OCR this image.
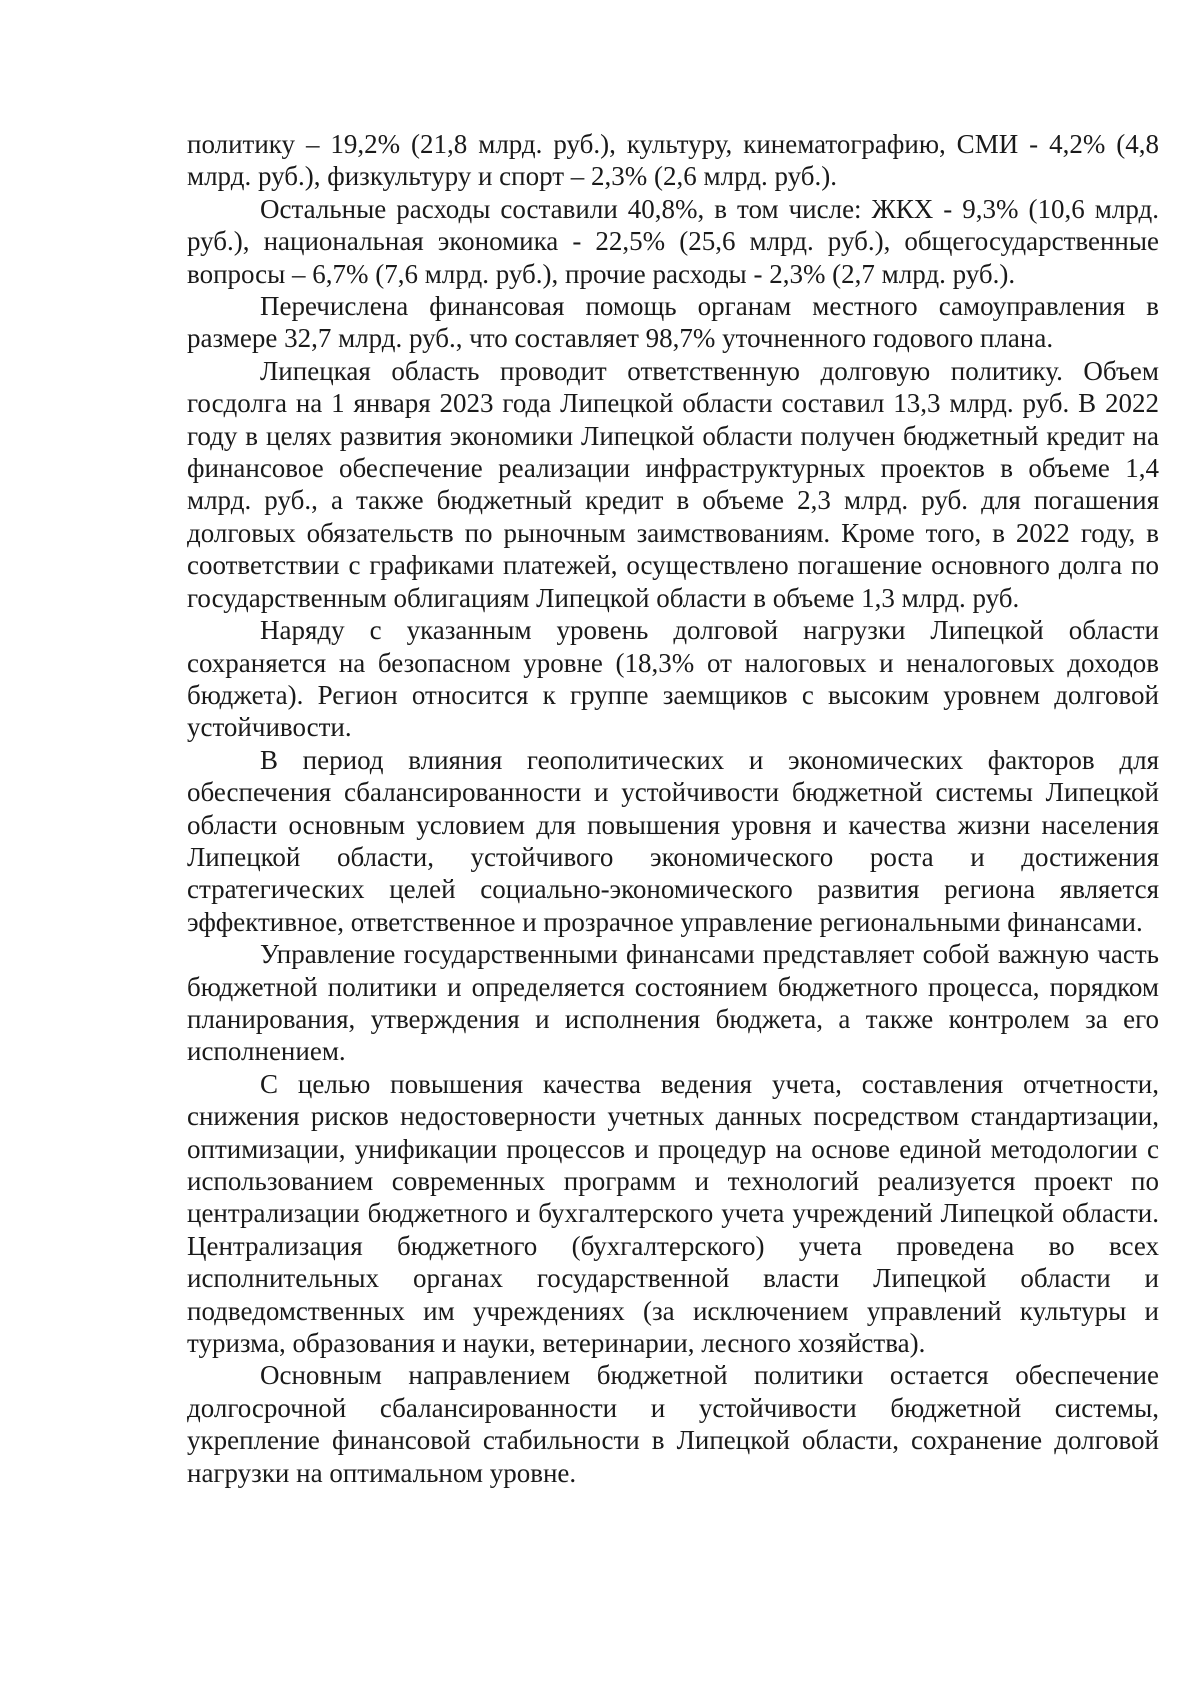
политику – 19,2% (21,8 млрд. руб.), культуру, кинематографию, СМИ - 4,2% (4,8 млрд. руб.), физкультуру и спорт – 2,3% (2,6 млрд. руб.).

Остальные расходы составили 40,8%, в том числе: ЖКХ - 9,3% (10,6 млрд. руб.), национальная экономика - 22,5% (25,6 млрд. руб.), общегосударственные вопросы – 6,7% (7,6 млрд. руб.), прочие расходы - 2,3% (2,7 млрд. руб.).

Перечислена финансовая помощь органам местного самоуправления в размере 32,7 млрд. руб., что составляет 98,7% уточненного годового плана.

Липецкая область проводит ответственную долговую политику. Объем госдолга на 1 января 2023 года Липецкой области составил 13,3 млрд. руб. В 2022 году в целях развития экономики Липецкой области получен бюджетный кредит на финансовое обеспечение реализации инфраструктурных проектов в объеме 1,4 млрд. руб., а также бюджетный кредит в объеме 2,3 млрд. руб. для погашения долговых обязательств по рыночным заимствованиям. Кроме того, в 2022 году, в соответствии с графиками платежей, осуществлено погашение основного долга по государственным облигациям Липецкой области в объеме 1,3 млрд. руб.

Наряду с указанным уровень долговой нагрузки Липецкой области сохраняется на безопасном уровне (18,3% от налоговых и неналоговых доходов бюджета). Регион относится к группе заемщиков с высоким уровнем долговой устойчивости.

В период влияния геополитических и экономических факторов для обеспечения сбалансированности и устойчивости бюджетной системы Липецкой области основным условием для повышения уровня и качества жизни населения Липецкой области, устойчивого экономического роста и достижения стратегических целей социально-экономического развития региона является эффективное, ответственное и прозрачное управление региональными финансами.

Управление государственными финансами представляет собой важную часть бюджетной политики и определяется состоянием бюджетного процесса, порядком планирования, утверждения и исполнения бюджета, а также контролем за его исполнением.

С целью повышения качества ведения учета, составления отчетности, снижения рисков недостоверности учетных данных посредством стандартизации, оптимизации, унификации процессов и процедур на основе единой методологии с использованием современных программ и технологий реализуется проект по централизации бюджетного и бухгалтерского учета учреждений Липецкой области. Централизация бюджетного (бухгалтерского) учета проведена во всех исполнительных органах государственной власти Липецкой области и подведомственных им учреждениях (за исключением управлений культуры и туризма, образования и науки, ветеринарии, лесного хозяйства).

Основным направлением бюджетной политики остается обеспечение долгосрочной сбалансированности и устойчивости бюджетной системы, укрепление финансовой стабильности в Липецкой области, сохранение долговой нагрузки на оптимальном уровне.
